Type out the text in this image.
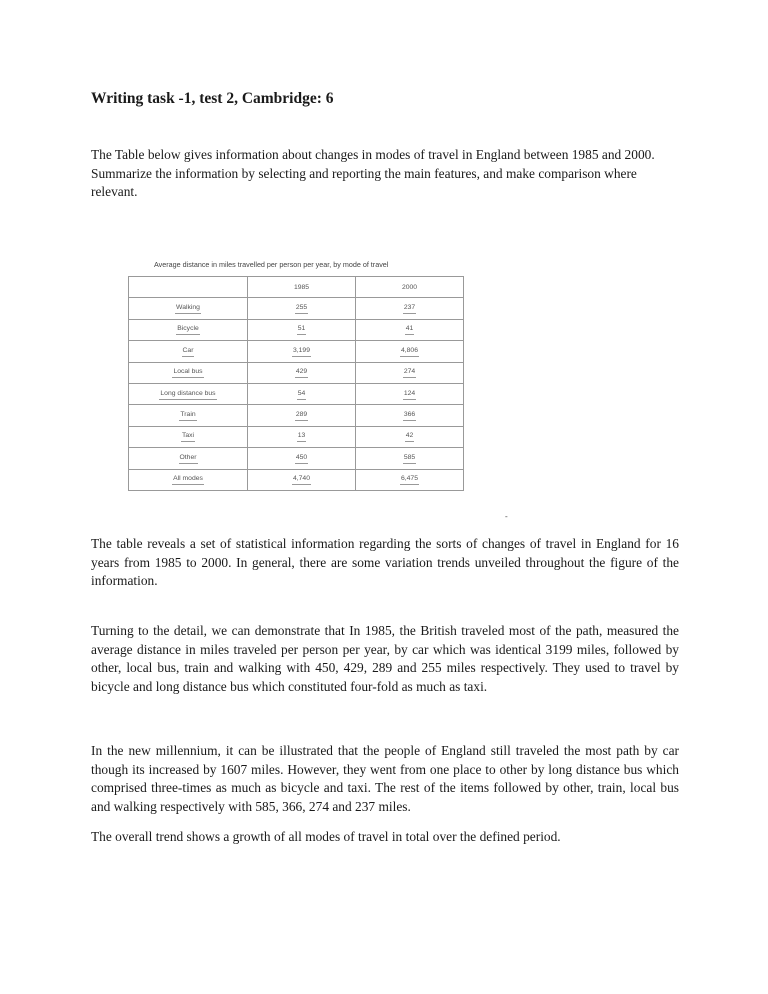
Writing task -1, test 2, Cambridge: 6

The Table below gives information about changes in modes of travel in England between 1985 and 2000. Summarize the information by selecting and reporting the main features, and make comparison where relevant.

Average distance in miles travelled per person per year, by mode of travel
	1985	2000
Walking	255	237
Bicycle	51	41
Car	3,199	4,806
Local bus	429	274
Long distance bus	54	124
Train	289	366
Taxi	13	42
Other	450	585
All modes	4,740	6,475
-

The table reveals a set of statistical information regarding the sorts of changes of travel in England for 16 years from 1985 to 2000. In general, there are some variation trends unveiled throughout the figure of the information.

Turning to the detail, we can demonstrate that In 1985, the British traveled most of the path, measured the average distance in miles traveled per person per year, by car which was identical 3199 miles, followed by other, local bus, train and walking with 450, 429, 289 and 255 miles respectively. They used to travel by bicycle and long distance bus which constituted four-fold as much as taxi.

In the new millennium, it can be illustrated that the people of England still traveled the most path by car though its increased by 1607 miles. However, they went from one place to other by long distance bus which comprised three-times as much as bicycle and taxi. The rest of the items followed by other, train, local bus and walking respectively with 585, 366, 274 and 237 miles.

The overall trend shows a growth of all modes of travel in total over the defined period.
